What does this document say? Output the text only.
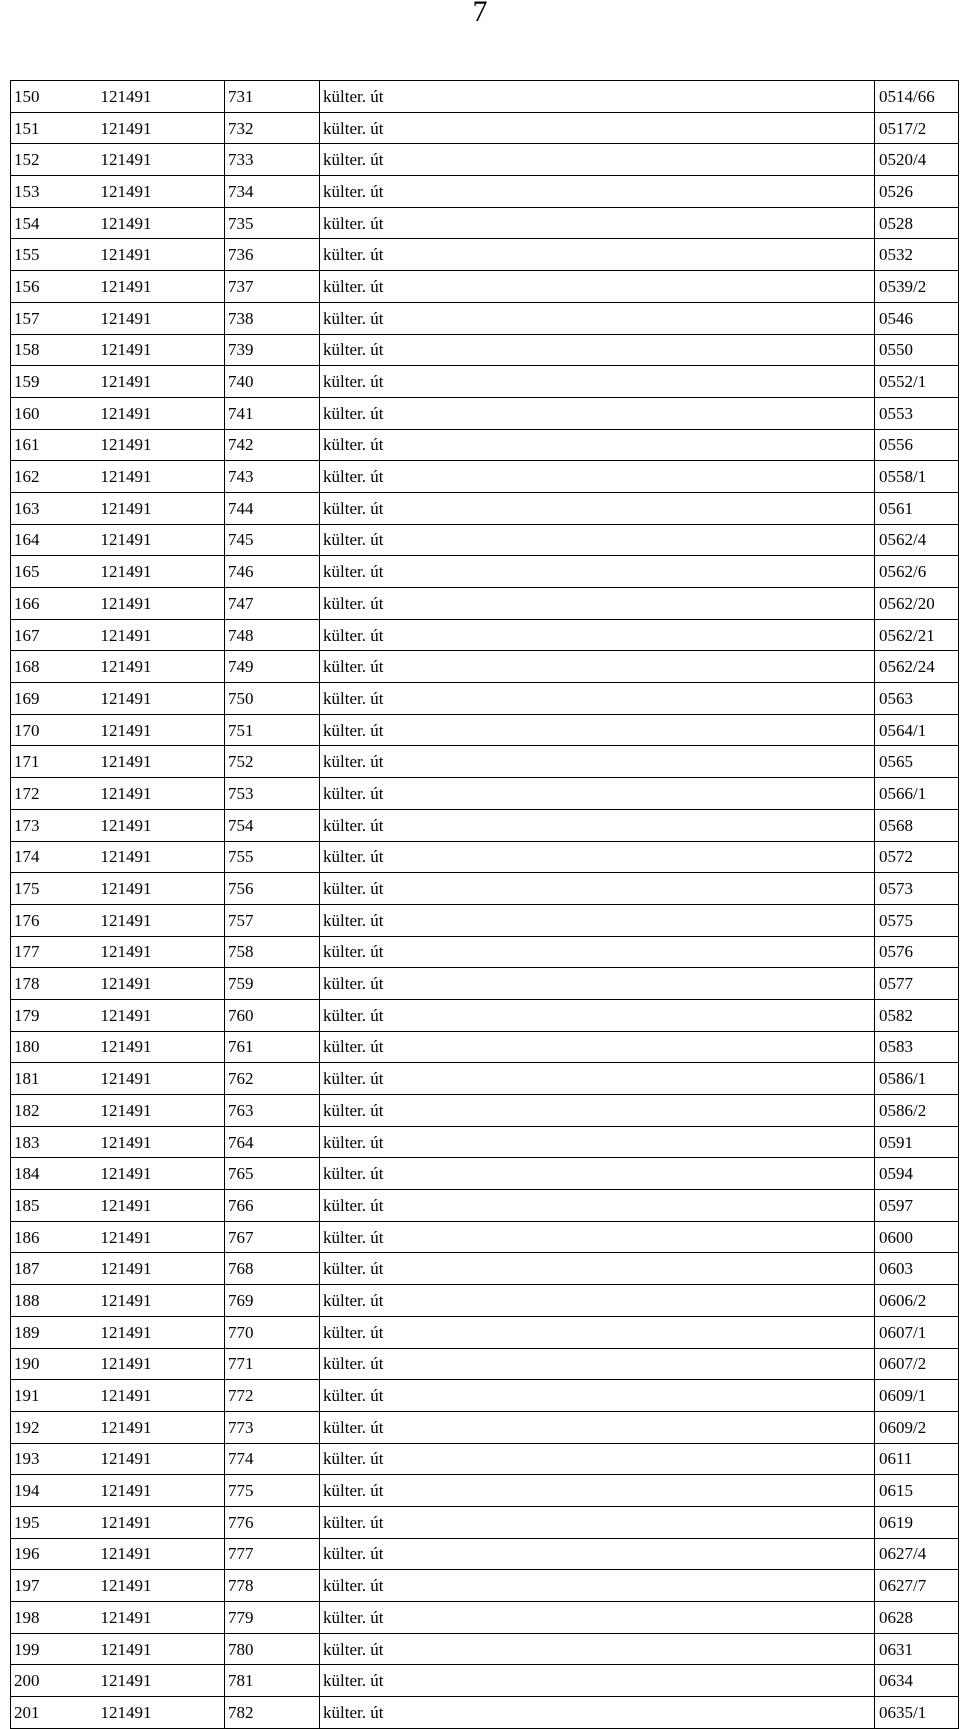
7
150	121491	731	külter. út		0514/66
151	121491	732	külter. út		0517/2
152	121491	733	külter. út		0520/4
153	121491	734	külter. út		0526
154	121491	735	külter. út		0528
155	121491	736	külter. út		0532
156	121491	737	külter. út		0539/2
157	121491	738	külter. út		0546
158	121491	739	külter. út		0550
159	121491	740	külter. út		0552/1
160	121491	741	külter. út		0553
161	121491	742	külter. út		0556
162	121491	743	külter. út		0558/1
163	121491	744	külter. út		0561
164	121491	745	külter. út		0562/4
165	121491	746	külter. út		0562/6
166	121491	747	külter. út		0562/20
167	121491	748	külter. út		0562/21
168	121491	749	külter. út		0562/24
169	121491	750	külter. út		0563
170	121491	751	külter. út		0564/1
171	121491	752	külter. út		0565
172	121491	753	külter. út		0566/1
173	121491	754	külter. út		0568
174	121491	755	külter. út		0572
175	121491	756	külter. út		0573
176	121491	757	külter. út		0575
177	121491	758	külter. út		0576
178	121491	759	külter. út		0577
179	121491	760	külter. út		0582
180	121491	761	külter. út		0583
181	121491	762	külter. út		0586/1
182	121491	763	külter. út		0586/2
183	121491	764	külter. út		0591
184	121491	765	külter. út		0594
185	121491	766	külter. út		0597
186	121491	767	külter. út		0600
187	121491	768	külter. út		0603
188	121491	769	külter. út		0606/2
189	121491	770	külter. út		0607/1
190	121491	771	külter. út		0607/2
191	121491	772	külter. út		0609/1
192	121491	773	külter. út		0609/2
193	121491	774	külter. út		0611
194	121491	775	külter. út		0615
195	121491	776	külter. út		0619
196	121491	777	külter. út		0627/4
197	121491	778	külter. út		0627/7
198	121491	779	külter. út		0628
199	121491	780	külter. út		0631
200	121491	781	külter. út		0634
201	121491	782	külter. út		0635/1
